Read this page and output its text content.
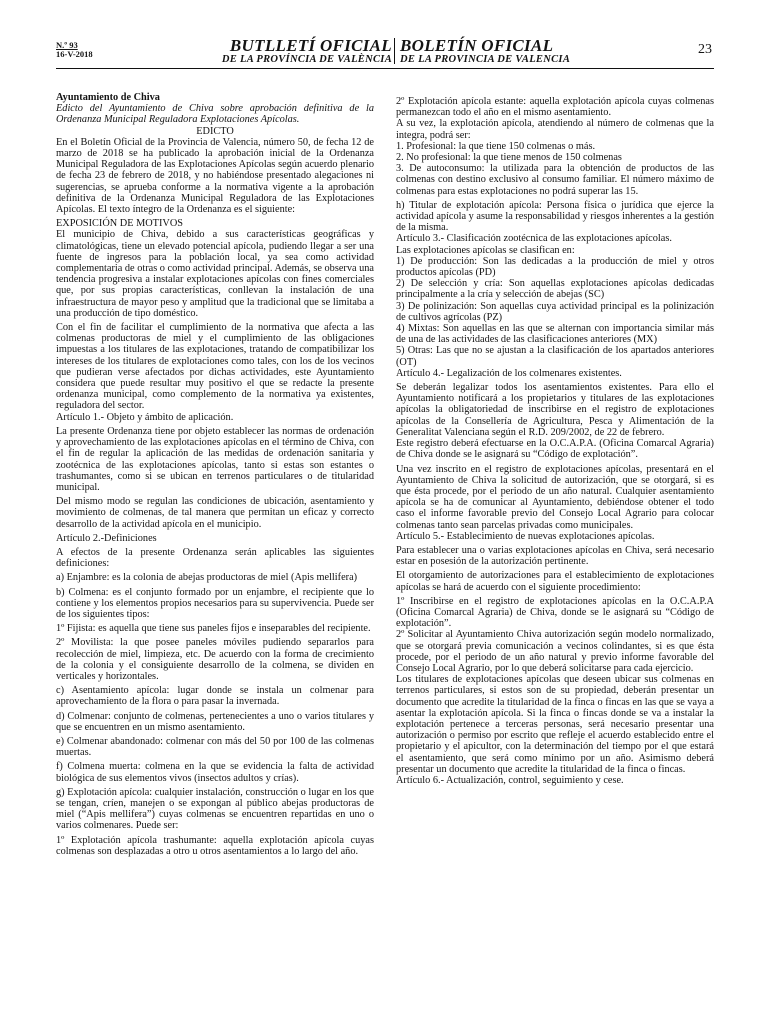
N.º 93
16-V-2018	BUTLLETÍ OFICIAL
DE LA PROVÍNCIA DE VALÈNCIA
BOLETÍN OFICIAL
DE LA PROVINCIA DE VALENCIA
23

Ayuntamiento de Chiva

Edicto del Ayuntamiento de Chiva sobre aprobación definitiva de la Ordenanza Municipal Reguladora Explotaciones Apícolas.

EDICTO

En el Boletín Oficial de la Provincia de Valencia, número 50, de fecha 12 de marzo de 2018 se ha publicado la aprobación inicial de la Ordenanza Municipal Reguladora de las Explotaciones Apícolas según acuerdo plenario de fecha 23 de febrero de 2018, y no habiéndose presentado alegaciones ni sugerencias, se aprueba conforme a la normativa vigente a la aprobación definitiva de la Ordenanza Municipal Reguladora de las Explotaciones Apícolas. El texto íntegro de la Ordenanza es el siguiente:

EXPOSICIÓN DE MOTIVOS

El municipio de Chiva, debido a sus características geográficas y climatológicas, tiene un elevado potencial apícola, pudiendo llegar a ser una fuente de ingresos para la población local, ya sea como actividad complementaria de otras o como actividad principal. Además, se observa una tendencia progresiva a instalar explotaciones apícolas con fines comerciales que, por sus propias características, conllevan la instalación de una infraestructura de mayor peso y amplitud que la tradicional que se limitaba a una producción de tipo doméstico.

Con el fin de facilitar el cumplimiento de la normativa que afecta a las colmenas productoras de miel y el cumplimiento de las obligaciones impuestas a los titulares de las explotaciones, tratando de compatibilizar los intereses de los titulares de explotaciones como tales, con los de los vecinos que pudieran verse afectados por dichas actividades, este Ayuntamiento considera que puede resultar muy positivo el que se redacte la presente ordenanza municipal, como complemento de la normativa ya existentes, reguladora del sector.

Artículo 1.- Objeto y ámbito de aplicación.

La presente Ordenanza tiene por objeto establecer las normas de ordenación y aprovechamiento de las explotaciones apícolas en el término de Chiva, con el fin de regular la aplicación de las medidas de ordenación sanitaria y zootécnica de las explotaciones apícolas, tanto si estas son estantes o trashumantes, como si se ubican en terrenos particulares o de titularidad municipal.

Del mismo modo se regulan las condiciones de ubicación, asentamiento y movimiento de colmenas, de tal manera que permitan un eficaz y correcto desarrollo de la actividad apícola en el municipio.

Artículo 2.-Definiciones

A efectos de la presente Ordenanza serán aplicables las siguientes definiciones:

a) Enjambre: es la colonia de abejas productoras de miel (Apis mellifera)

b) Colmena: es el conjunto formado por un enjambre, el recipiente que lo contiene y los elementos propios necesarios para su supervivencia. Puede ser de los siguientes tipos:

1º Fijista: es aquella que tiene sus paneles fijos e inseparables del recipiente.

2º Movilista: la que posee paneles móviles pudiendo separarlos para recolección de miel, limpieza, etc. De acuerdo con la forma de crecimiento de la colonia y el consiguiente desarrollo de la colmena, se dividen en verticales y horizontales.

c) Asentamiento apícola: lugar donde se instala un colmenar para aprovechamiento de la flora o para pasar la invernada.

d) Colmenar: conjunto de colmenas, pertenecientes a uno o varios titulares y que se encuentren en un mismo asentamiento.

e) Colmenar abandonado: colmenar con más del 50 por 100 de las colmenas muertas.

f) Colmena muerta: colmena en la que se evidencia la falta de actividad biológica de sus elementos vivos (insectos adultos y crías).

g) Explotación apícola: cualquier instalación, construcción o lugar en los que se tengan, críen, manejen o se expongan al público abejas productoras de miel (“Apis mellifera”) cuyas colmenas se encuentren repartidas en uno o varios colmenares. Puede ser:

1º Explotación apícola trashumante: aquella explotación apícola cuyas colmenas son desplazadas a otro u otros asentamientos a lo largo del año.

2º Explotación apícola estante: aquella explotación apícola cuyas colmenas permanezcan todo el año en el mismo asentamiento.

A su vez, la explotación apícola, atendiendo al número de colmenas que la integra, podrá ser:

1. Profesional: la que tiene 150 colmenas o más.

2. No profesional: la que tiene menos de 150 colmenas

3. De autoconsumo: la utilizada para la obtención de productos de las colmenas con destino exclusivo al consumo familiar. El número máximo de colmenas para estas explotaciones no podrá superar las 15.

h) Titular de explotación apícola: Persona física o jurídica que ejerce la actividad apícola y asume la responsabilidad y riesgos inherentes a la gestión de la misma.

Artículo 3.- Clasificación zootécnica de las explotaciones apícolas.

Las explotaciones apícolas se clasifican en:

1) De producción: Son las dedicadas a la producción de miel y otros productos apícolas (PD)

2) De selección y cría: Son aquellas explotaciones apícolas dedicadas principalmente a la cría y selección de abejas (SC)

3) De polinización: Son aquellas cuya actividad principal es la polinización de cultivos agrícolas (PZ)

4) Mixtas: Son aquellas en las que se alternan con importancia similar más de una de las actividades de las clasificaciones anteriores (MX)

5) Otras: Las que no se ajustan a la clasificación de los apartados anteriores (OT)

Artículo 4.- Legalización de los colmenares existentes.

Se deberán legalizar todos los asentamientos existentes. Para ello el Ayuntamiento notificará a los propietarios y titulares de las explotaciones apícolas la obligatoriedad de inscribirse en el registro de explotaciones apícolas de la Consellería de Agricultura, Pesca y Alimentación de la Generalitat Valenciana según el R.D. 209/2002, de 22 de febrero.

Este registro deberá efectuarse en la O.C.A.P.A. (Oficina Comarcal Agraria) de Chiva donde se le asignará su “Código de explotación”.

Una vez inscrito en el registro de explotaciones apícolas, presentará en el Ayuntamiento de Chiva la solicitud de autorización, que se otorgará, si es que ésta procede, por el periodo de un año natural. Cualquier asentamiento apícola se ha de comunicar al Ayuntamiento, debiéndose obtener el todo caso el informe favorable previo del Consejo Local Agrario para colocar colmenas tanto sean parcelas privadas como municipales.

Artículo 5.- Establecimiento de nuevas explotaciones apícolas.

Para establecer una o varias explotaciones apícolas en Chiva, será necesario estar en posesión de la autorización pertinente.

El otorgamiento de autorizaciones para el establecimiento de explotaciones apícolas se hará de acuerdo con el siguiente procedimiento:

1º Inscribirse en el registro de explotaciones apícolas en la O.C.A.P.A (Oficina Comarcal Agraria) de Chiva, donde se le asignará su “Código de explotación”.

2º Solicitar al Ayuntamiento Chiva autorización según modelo normalizado, que se otorgará previa comunicación a vecinos colindantes, si es que ésta procede, por el periodo de un año natural y previo informe favorable del Consejo Local Agrario, por lo que deberá solicitarse para cada ejercicio.

Los titulares de explotaciones apícolas que deseen ubicar sus colmenas en terrenos particulares, si estos son de su propiedad, deberán presentar un documento que acredite la titularidad de la finca o fincas en las que se vaya a asentar la explotación apícola. Si la finca o fincas donde se va a instalar la explotación pertenece a terceras personas, será necesario presentar una autorización o permiso por escrito que refleje el acuerdo establecido entre el propietario y el apicultor, con la determinación del tiempo por el que estará el asentamiento, que será como mínimo por un año. Asimismo deberá presentar un documento que acredite la titularidad de la finca o fincas.

Artículo 6.- Actualización, control, seguimiento y cese.
